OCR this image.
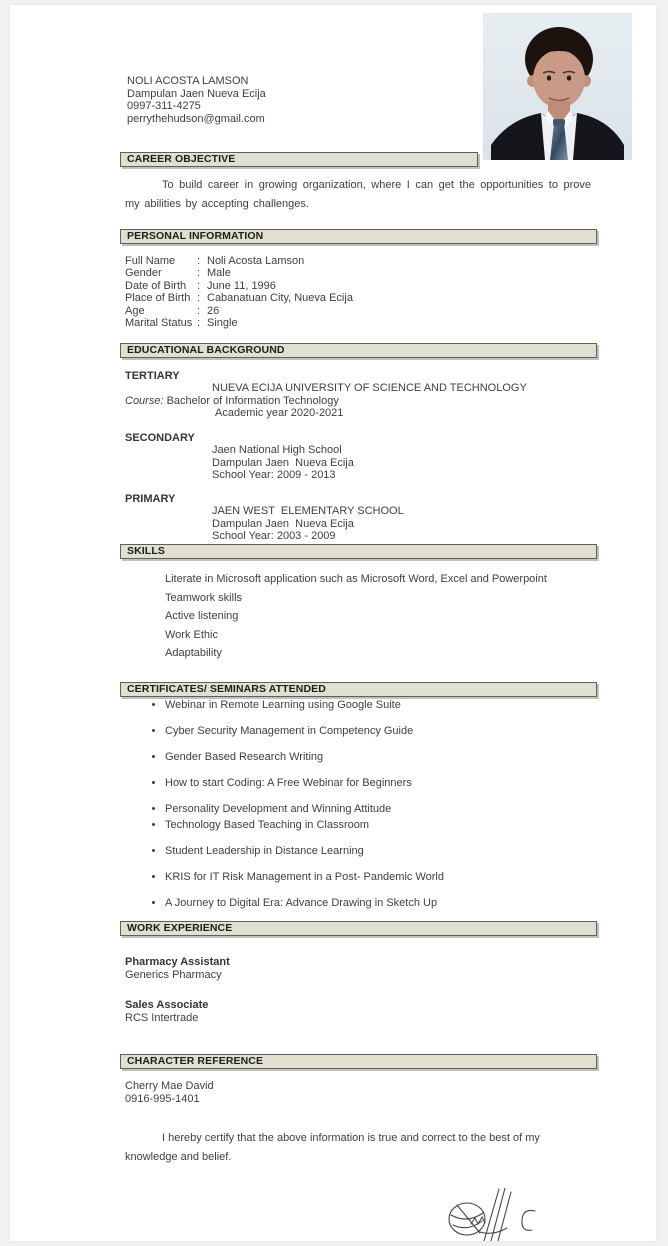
NOLI ACOSTA LAMSON
Dampulan Jaen Nueva Ecija
0997-311-4275
perrythehudson@gmail.com
CAREER OBJECTIVE
To build career in growing organization, where I can get the opportunities to prove my abilities by accepting challenges.
PERSONAL INFORMATION
Full Name	: Noli Acosta Lamson
Gender	: Male
Date of Birth : June 11, 1996
Place of Birth : Cabanatuan City, Nueva Ecija
Age	: 26
Marital Status : Single
EDUCATIONAL BACKGROUND
TERTIARY
NUEVA ECIJA UNIVERSITY OF SCIENCE AND TECHNOLOGY
Course: Bachelor of Information Technology
Academic year 2020-2021
SECONDARY
Jaen National High School
Dampulan Jaen  Nueva Ecija
School Year: 2009 - 2013
PRIMARY
JAEN WEST  ELEMENTARY SCHOOL
Dampulan Jaen  Nueva Ecija
School Year: 2003 - 2009
SKILLS
Literate in Microsoft application such as Microsoft Word, Excel and Powerpoint
Teamwork skills
Active listening
Work Ethic
Adaptability
CERTIFICATES/ SEMINARS ATTENDED
• Webinar in Remote Learning using Google Suite
• Cyber Security Management in Competency Guide
• Gender Based Research Writing
• How to start Coding: A Free Webinar for Beginners
• Personality Development and Winning Attitude
• Technology Based Teaching in Classroom
• Student Leadership in Distance Learning
• KRIS for IT Risk Management in a Post- Pandemic World
• A Journey to Digital Era: Advance Drawing in Sketch Up
WORK EXPERIENCE
Pharmacy Assistant
Generics Pharmacy
Sales Associate
RCS Intertrade
CHARACTER REFERENCE
Cherry Mae David
0916-995-1401
I hereby certify that the above information is true and correct to the best of my knowledge and belief.
